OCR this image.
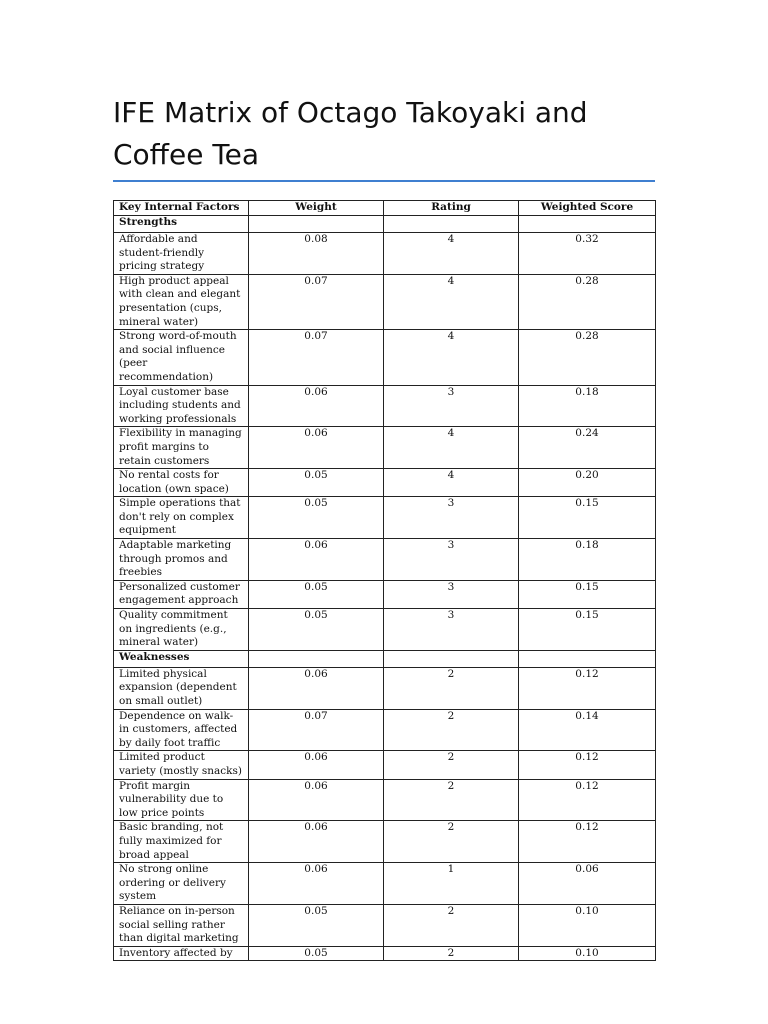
IFE Matrix of Octago Takoyaki and Coffee Tea
Key Internal Factors	Weight	Rating	Weighted Score
Strengths			
Affordable and student-friendly pricing strategy	0.08	4	0.32
High product appeal with clean and elegant presentation (cups, mineral water)	0.07	4	0.28
Strong word-of-mouth and social influence (peer recommendation)	0.07	4	0.28
Loyal customer base including students and working professionals	0.06	3	0.18
Flexibility in managing profit margins to retain customers	0.06	4	0.24
No rental costs for location (own space)	0.05	4	0.20
Simple operations that don't rely on complex equipment	0.05	3	0.15
Adaptable marketing through promos and freebies	0.06	3	0.18
Personalized customer engagement approach	0.05	3	0.15
Quality commitment on ingredients (e.g., mineral water)	0.05	3	0.15
Weaknesses			
Limited physical expansion (dependent on small outlet)	0.06	2	0.12
Dependence on walk-in customers, affected by daily foot traffic	0.07	2	0.14
Limited product variety (mostly snacks)	0.06	2	0.12
Profit margin vulnerability due to low price points	0.06	2	0.12
Basic branding, not fully maximized for broad appeal	0.06	2	0.12
No strong online ordering or delivery system	0.06	1	0.06
Reliance on in-person social selling rather than digital marketing	0.05	2	0.10
Inventory affected by	0.05	2	0.10
